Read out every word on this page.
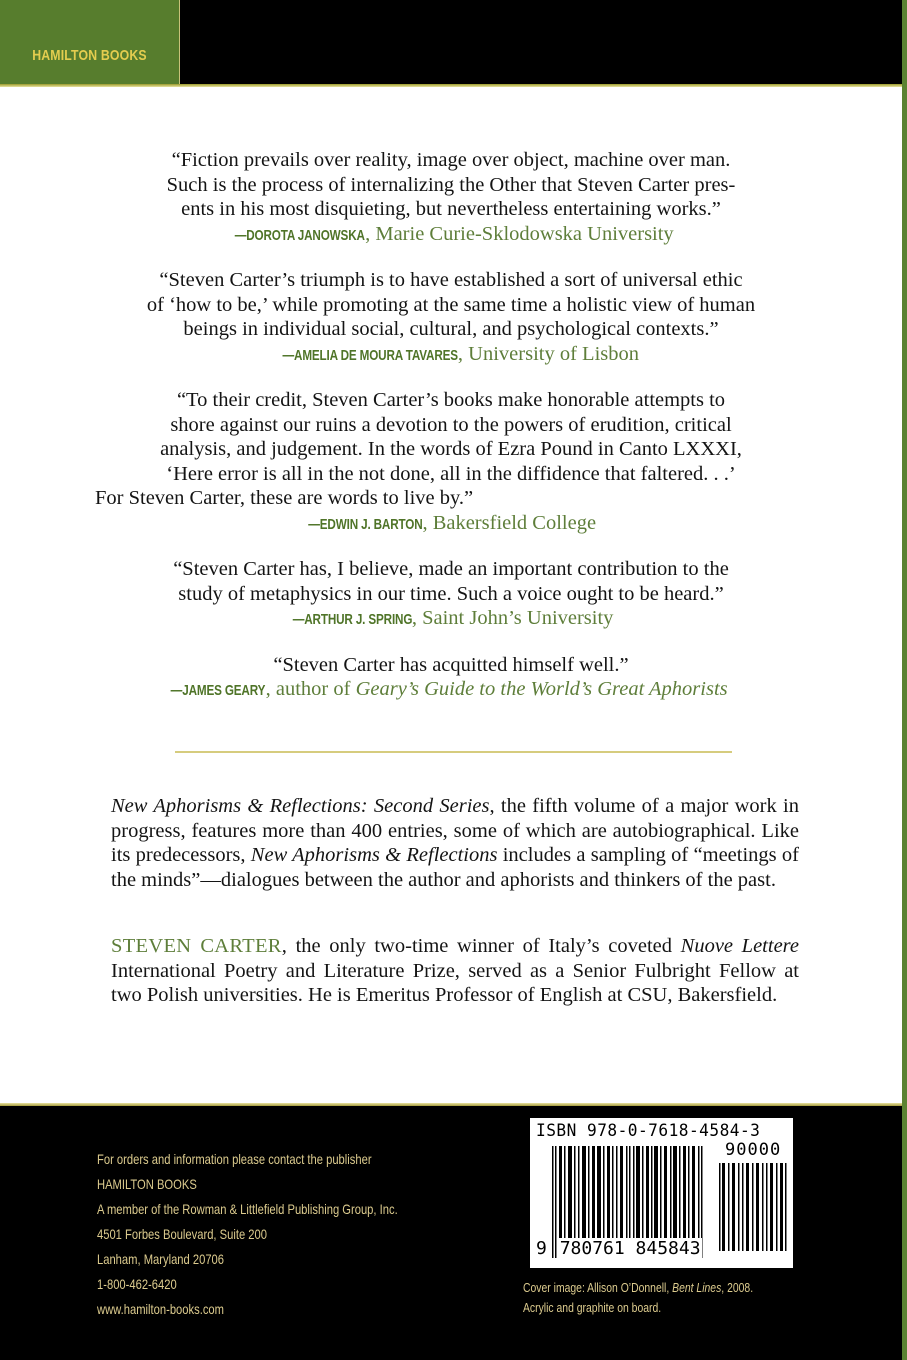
HAMILTON BOOKS

“Fiction prevails over reality, image over object, machine over man.

Such is the process of internalizing the Other that Steven Carter pres-

ents in his most disquieting, but nevertheless entertaining works.”

—DOROTA JANOWSKA, Marie Curie-Sklodowska University

“Steven Carter’s triumph is to have established a sort of universal ethic

of ‘how to be,’ while promoting at the same time a holistic view of human

beings in individual social, cultural, and psychological contexts.”

—AMELIA DE MOURA TAVARES, University of Lisbon

“To their credit, Steven Carter’s books make honorable attempts to

shore against our ruins a devotion to the powers of erudition, critical

analysis, and judgement. In the words of Ezra Pound in Canto LXXXI,

‘Here error is all in the not done, all in the diffidence that faltered. . .’

For Steven Carter, these are words to live by.”

—EDWIN J. BARTON, Bakersfield College

“Steven Carter has, I believe, made an important contribution to the

study of metaphysics in our time. Such a voice ought to be heard.”

—ARTHUR J. SPRING, Saint John’s University

“Steven Carter has acquitted himself well.”

—JAMES GEARY, author of Geary’s Guide to the World’s Great Aphorists
New Aphorisms & Reflections: Second Series, the fifth volume of a major work in progress, features more than 400 entries, some of which are autobiographical. Like its predecessors, New Aphorisms & Reflections includes a sampling of “meetings of the minds”—dialogues between the author and aphorists and thinkers of the past.
STEVEN CARTER, the only two-time winner of Italy’s coveted Nuove Lettere International Poetry and Literature Prize, served as a Senior Fulbright Fellow at two Polish universities. He is Emeritus Professor of English at CSU, Bakersfield.
For orders and information please contact the publisher
HAMILTON BOOKS
A member of the Rowman & Littlefield Publishing Group, Inc.
4501 Forbes Boulevard, Suite 200
Lanham, Maryland 20706
1-800-462-6420
www.hamilton-books.com
ISBN 978-0-7618-4584-3
90000
9 780761 845843
Cover image: Allison O’Donnell, Bent Lines, 2008.
Acrylic and graphite on board.
